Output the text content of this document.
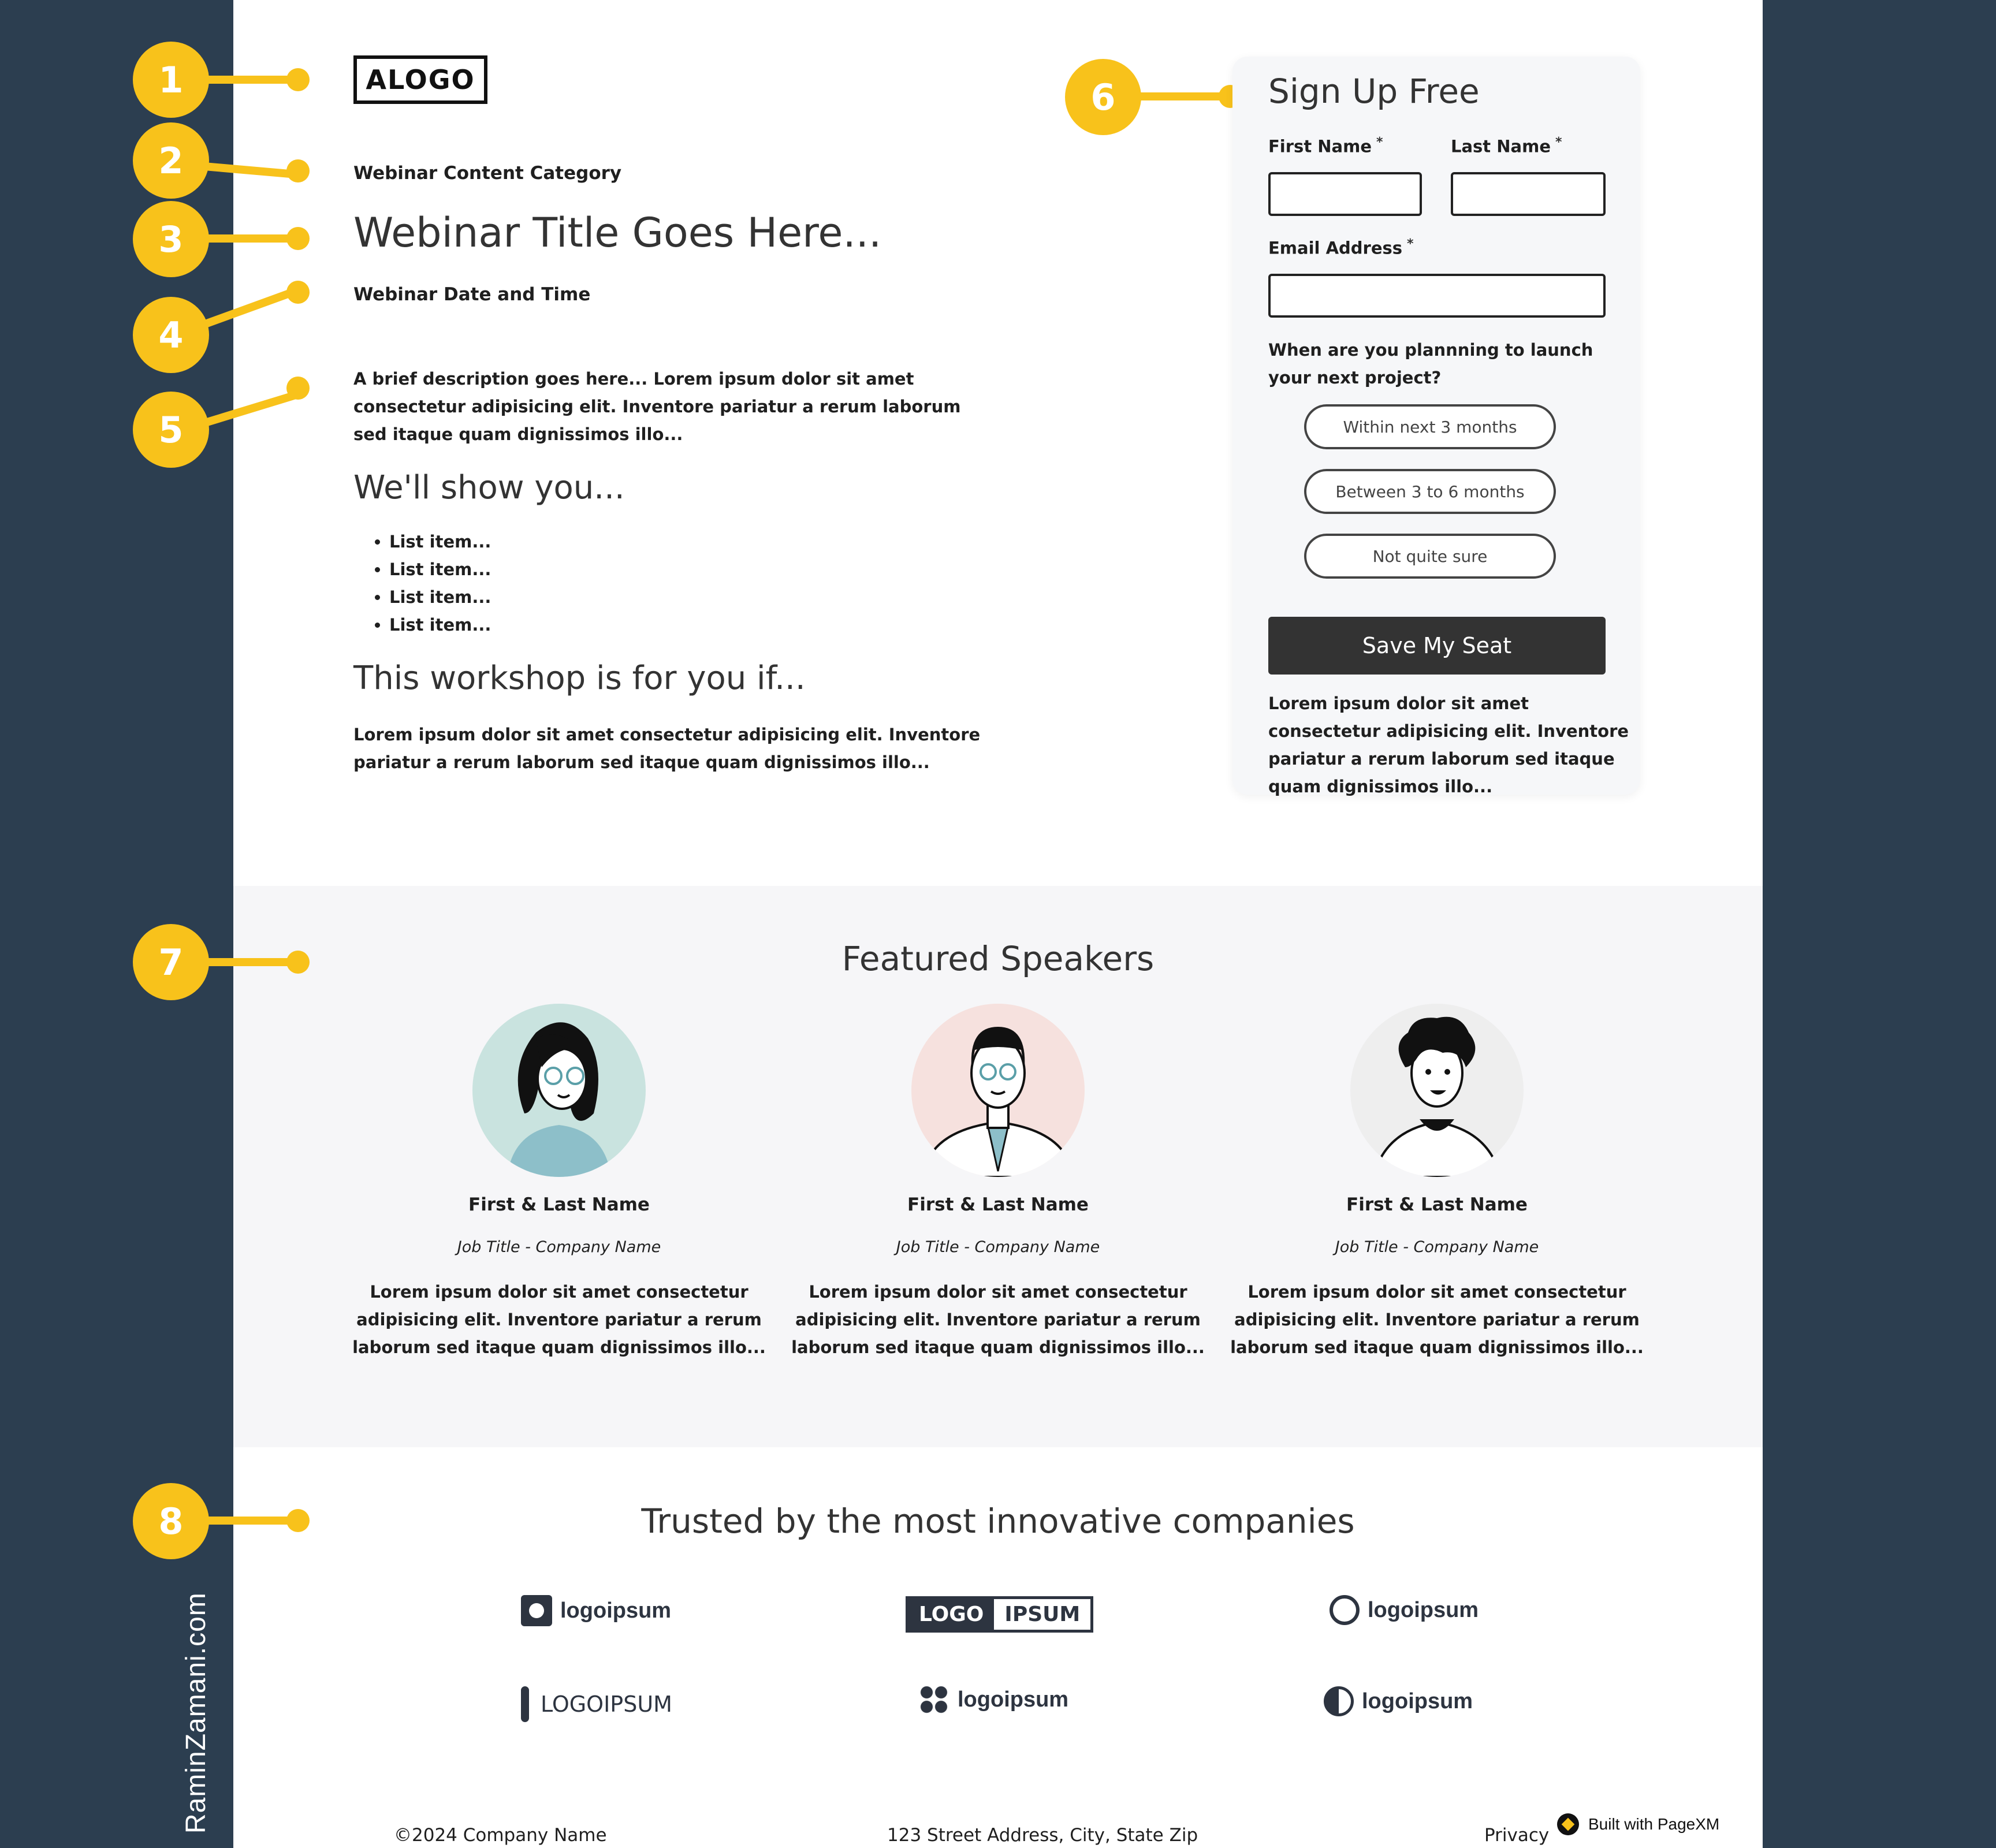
RaminZamani.com
1
2
3
4
5
6
7
8
ALOGO
Webinar Content Category
Webinar Title Goes Here...
Webinar Date and Time
A brief description goes here... Lorem ipsum dolor sit amet consectetur adipisicing elit. Inventore pariatur a rerum laborum sed itaque quam dignissimos illo...
We'll show you...
• List item...
• List item...
• List item...
• List item...
This workshop is for you if...
Lorem ipsum dolor sit amet consectetur adipisicing elit. Inventore pariatur a rerum laborum sed itaque quam dignissimos illo...
Sign Up Free
First Name *	Last Name *
Email Address *
When are you plannning to launch your next project?
Within next 3 months
Between 3 to 6 months
Not quite sure
Save My Seat
Lorem ipsum dolor sit amet consectetur adipisicing elit. Inventore pariatur a rerum laborum sed itaque quam dignissimos illo...
Featured Speakers
First & Last Name
Job Title - Company Name
Lorem ipsum dolor sit amet consectetur adipisicing elit. Inventore pariatur a rerum laborum sed itaque quam dignissimos illo...
First & Last Name
Job Title - Company Name
Lorem ipsum dolor sit amet consectetur adipisicing elit. Inventore pariatur a rerum laborum sed itaque quam dignissimos illo...
First & Last Name
Job Title - Company Name
Lorem ipsum dolor sit amet consectetur adipisicing elit. Inventore pariatur a rerum laborum sed itaque quam dignissimos illo...
Trusted by the most innovative companies
logoipsum	LOGO	IPSUM	logoipsum
LOGOIPSUM	logoipsum	logoipsum
©2024 Company Name	123 Street Address, City, State Zip	Privacy
Built with PageXM
